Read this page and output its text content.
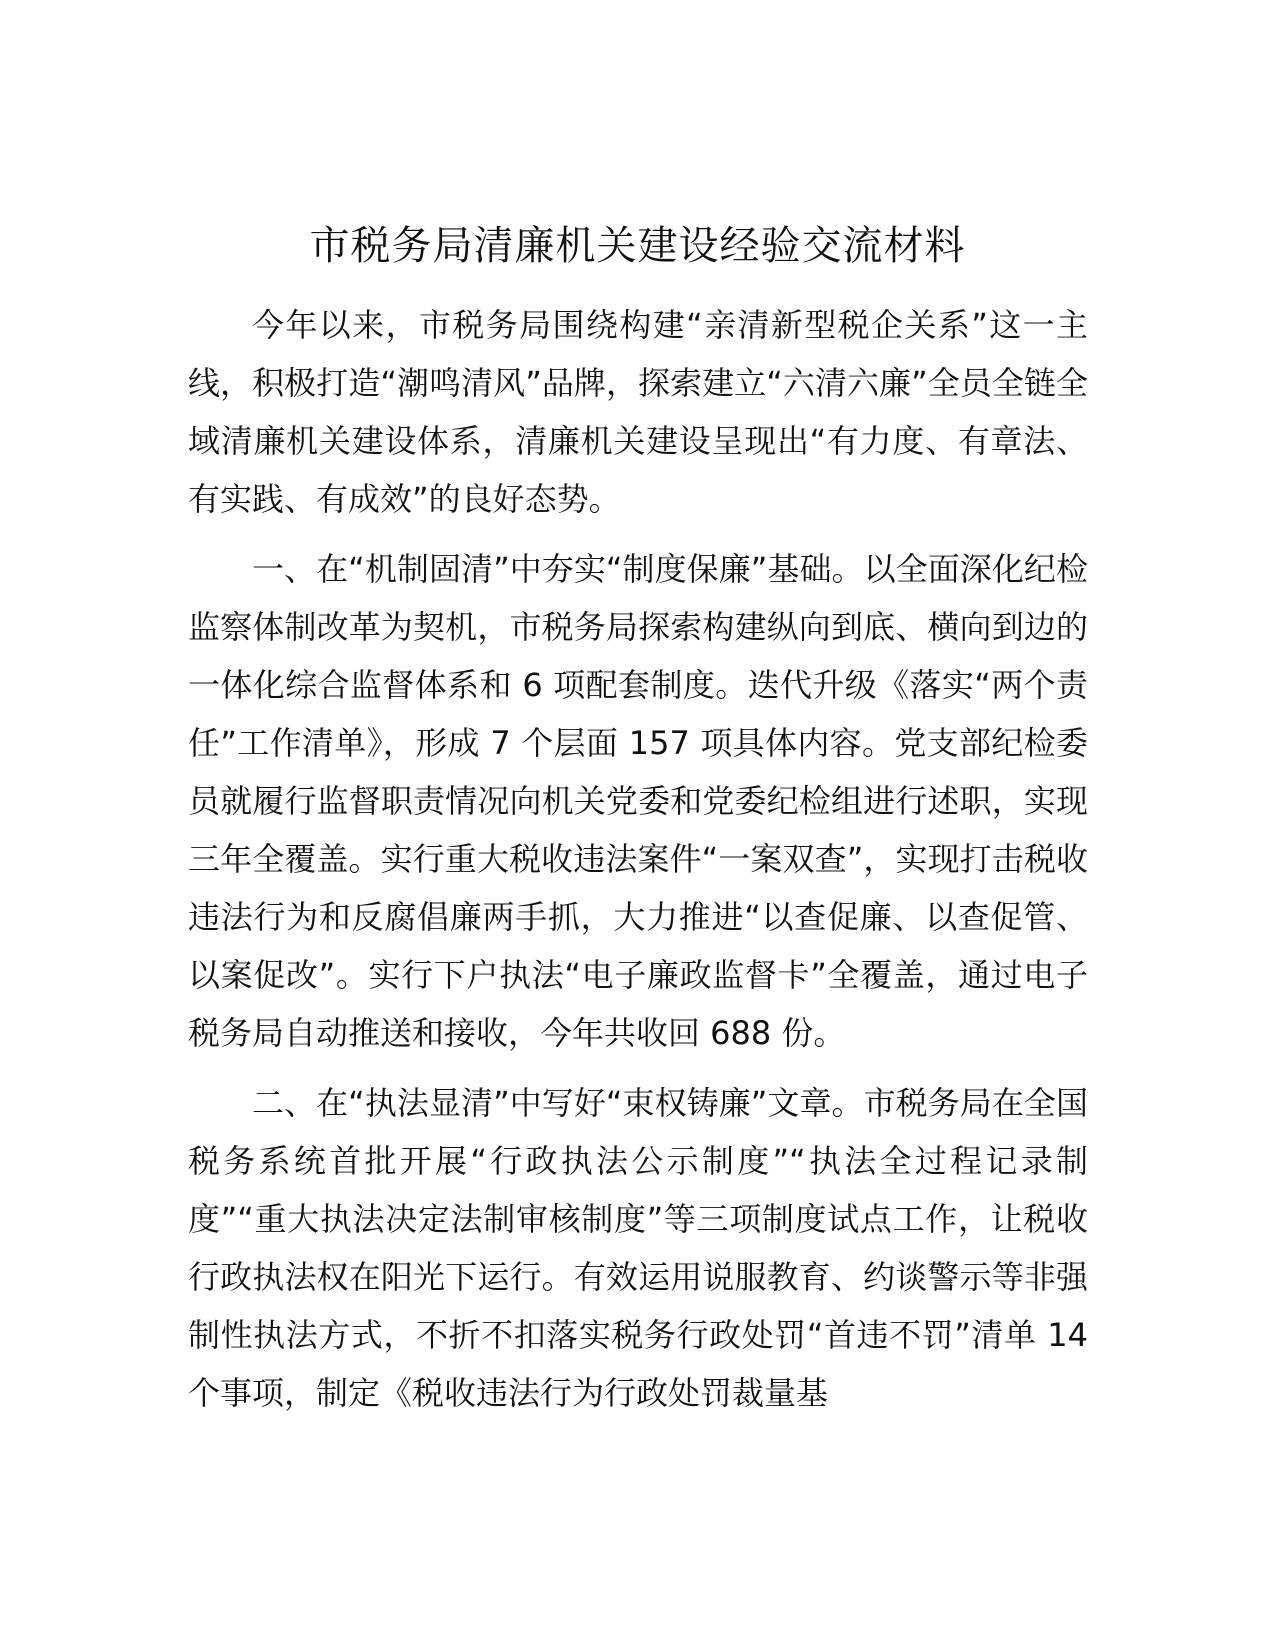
市税务局清廉机关建设经验交流材料

今年以来，市税务局围绕构建“亲清新型税企关系”这一主线，积极打造“潮鸣清风”品牌，探索建立“六清六廉”全员全链全域清廉机关建设体系，清廉机关建设呈现出“有力度、有章法、有实践、有成效”的良好态势。

一、在“机制固清”中夯实“制度保廉”基础。以全面深化纪检监察体制改革为契机，市税务局探索构建纵向到底、横向到边的一体化综合监督体系和 6 项配套制度。迭代升级《落实“两个责任”工作清单》，形成 7 个层面 157 项具体内容。党支部纪检委员就履行监督职责情况向机关党委和党委纪检组进行述职，实现三年全覆盖。实行重大税收违法案件“一案双查”，实现打击税收违法行为和反腐倡廉两手抓，大力推进“以查促廉、以查促管、以案促改”。实行下户执法“电子廉政监督卡”全覆盖，通过电子税务局自动推送和接收，今年共收回 688 份。

二、在“执法显清”中写好“束权铸廉”文章。市税务局在全国税务系统首批开展“行政执法公示制度”“执法全过程记录制度”“重大执法决定法制审核制度”等三项制度试点工作，让税收行政执法权在阳光下运行。有效运用说服教育、约谈警示等非强制性执法方式，不折不扣落实税务行政处罚“首违不罚”清单 14 个事项，制定《税收违法行为行政处罚裁量基
